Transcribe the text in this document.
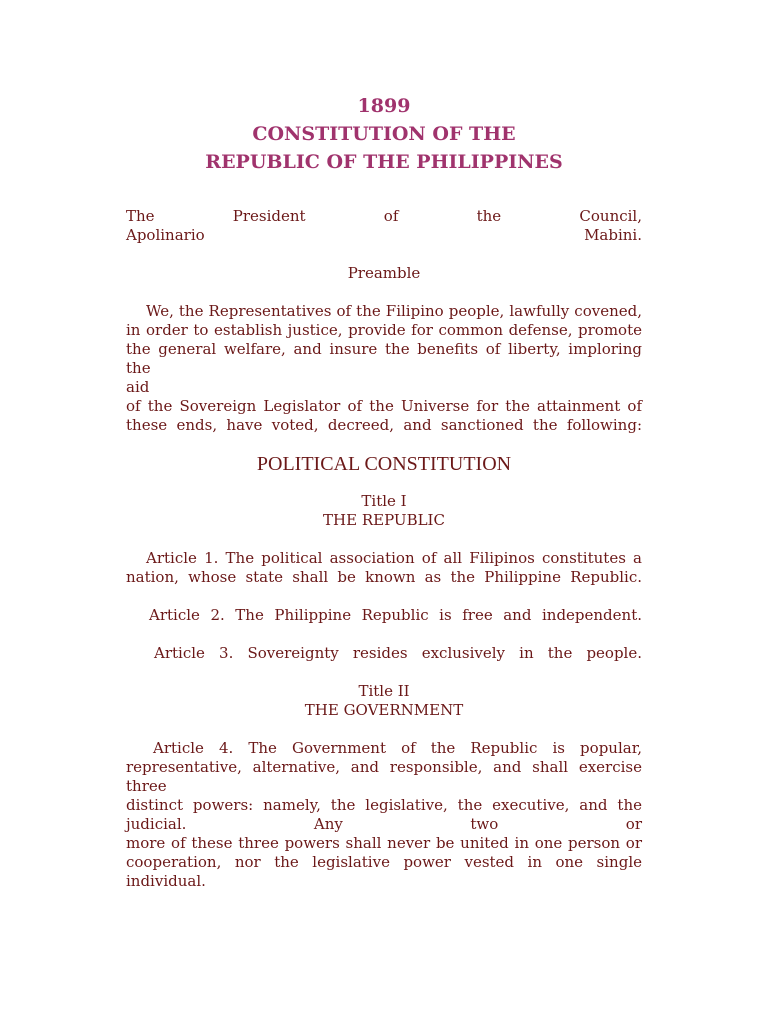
1899
CONSTITUTION OF THE
REPUBLIC OF THE PHILIPPINES
The	President	of	the	Council,
Apolinario	Mabini.
Preamble
We, the Representatives of the Filipino people, lawfully covened,
in order to establish justice, provide for common defense, promote
the general welfare, and insure the benefits of liberty, imploring the
aid
of the Sovereign Legislator of the Universe for the attainment of
these ends, have voted, decreed, and sanctioned the following:
POLITICAL CONSTITUTION
Title I
THE REPUBLIC
Article 1. The political association of all Filipinos constitutes a
nation, whose state shall be known as the Philippine Republic.
Article 2. The Philippine Republic is free and independent.
Article 3. Sovereignty resides exclusively in the people.
Title II
THE GOVERNMENT
Article 4. The Government of the Republic is popular,
representative, alternative, and responsible, and shall exercise three
distinct powers: namely, the legislative, the executive, and the
judicial. Any two or
more of these three powers shall never be united in one person or
cooperation, nor the legislative power vested in one single
individual.
